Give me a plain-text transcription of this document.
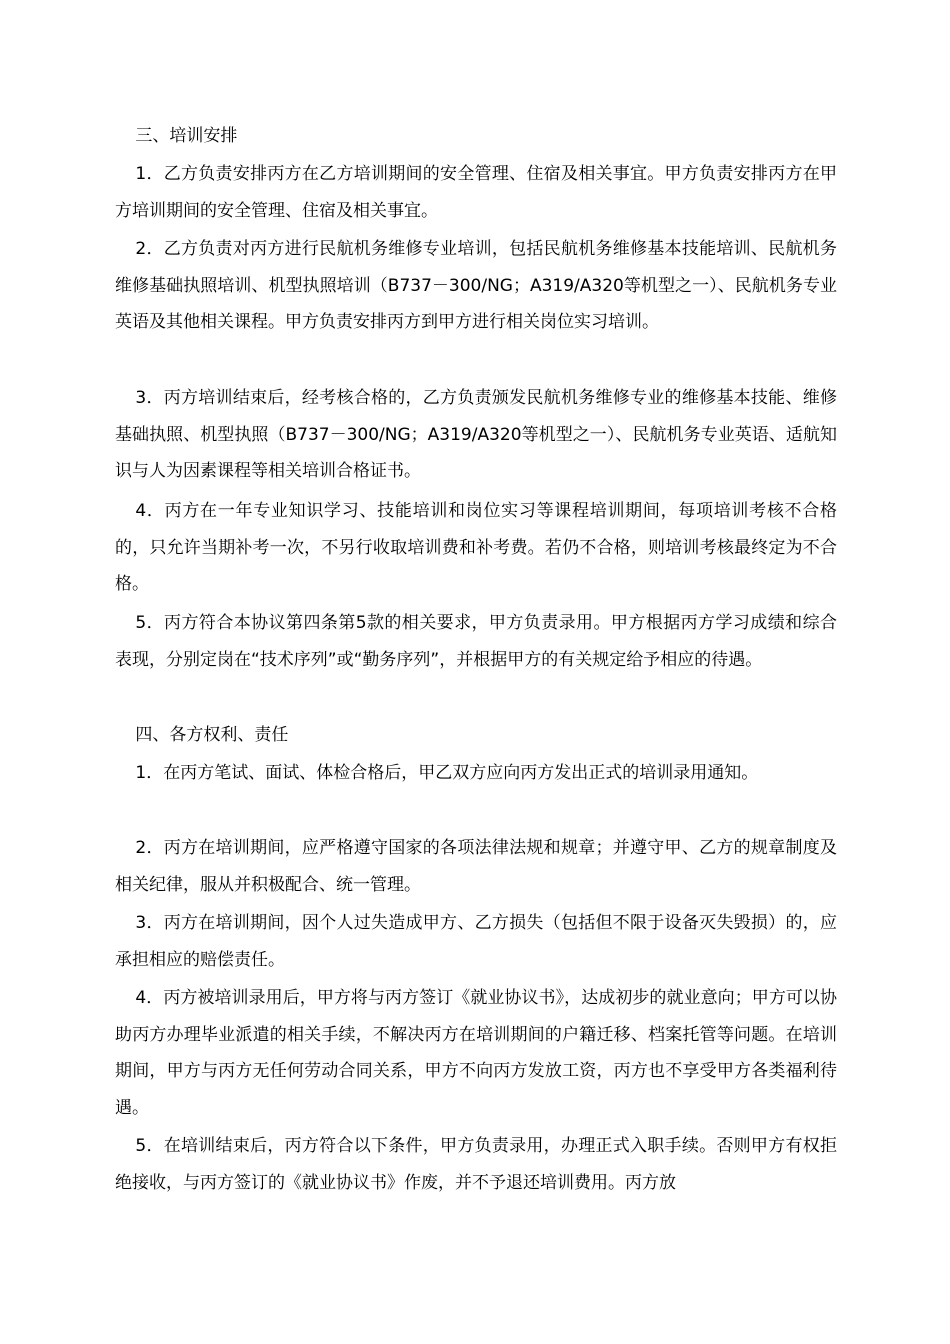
三、培训安排

1．乙方负责安排丙方在乙方培训期间的安全管理、住宿及相关事宜。甲方负责安排丙方在甲方培训期间的安全管理、住宿及相关事宜。

2．乙方负责对丙方进行民航机务维修专业培训，包括民航机务维修基本技能培训、民航机务维修基础执照培训、机型执照培训（B737－300/NG；A319/A320等机型之一）、民航机务专业英语及其他相关课程。甲方负责安排丙方到甲方进行相关岗位实习培训。

3．丙方培训结束后，经考核合格的，乙方负责颁发民航机务维修专业的维修基本技能、维修基础执照、机型执照（B737－300/NG；A319/A320等机型之一）、民航机务专业英语、适航知识与人为因素课程等相关培训合格证书。

4．丙方在一年专业知识学习、技能培训和岗位实习等课程培训期间，每项培训考核不合格的，只允许当期补考一次，不另行收取培训费和补考费。若仍不合格，则培训考核最终定为不合格。

5．丙方符合本协议第四条第5款的相关要求，甲方负责录用。甲方根据丙方学习成绩和综合表现，分别定岗在“技术序列”或“勤务序列”，并根据甲方的有关规定给予相应的待遇。

四、各方权利、责任

1．在丙方笔试、面试、体检合格后，甲乙双方应向丙方发出正式的培训录用通知。

2．丙方在培训期间，应严格遵守国家的各项法律法规和规章；并遵守甲、乙方的规章制度及相关纪律，服从并积极配合、统一管理。

3．丙方在培训期间，因个人过失造成甲方、乙方损失（包括但不限于设备灭失毁损）的，应承担相应的赔偿责任。

4．丙方被培训录用后，甲方将与丙方签订《就业协议书》，达成初步的就业意向；甲方可以协助丙方办理毕业派遣的相关手续，不解决丙方在培训期间的户籍迁移、档案托管等问题。在培训期间，甲方与丙方无任何劳动合同关系，甲方不向丙方发放工资，丙方也不享受甲方各类福利待遇。

5．在培训结束后，丙方符合以下条件，甲方负责录用，办理正式入职手续。否则甲方有权拒绝接收，与丙方签订的《就业协议书》作废，并不予退还培训费用。丙方放
